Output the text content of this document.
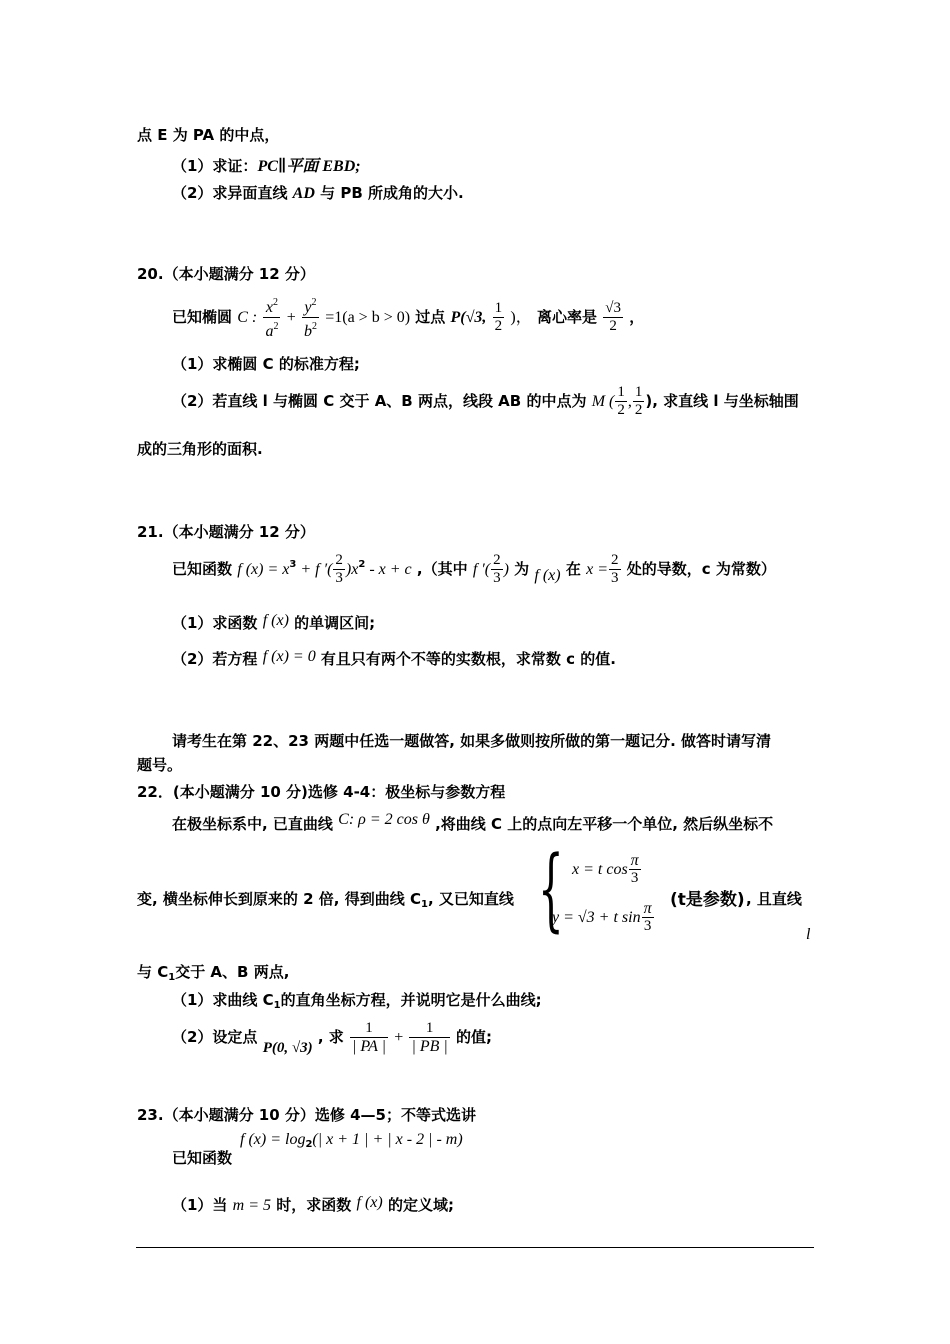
点 E 为 PA 的中点，
（1）求证：PC∥平面 EBD;
（2）求异面直线 AD 与 PB 所成角的大小.
20.（本小题满分 12 分）
已知椭圆 C : $\frac{x^2}{a^2} + \frac{y^2}{b^2} =1(a > b > 0)$ 过点 P(√3, $\frac{1}{2}$ )， 离心率是 $\frac{√3}{2}$ ，
（1）求椭圆 C 的标准方程;
（2）若直线 l 与椭圆 C 交于 A、B 两点，线段 AB 的中点为 M ( $\frac{1}{2}$ , $\frac{1}{2}$ ), 求直线 l 与坐标轴围
成的三角形的面积.
21.（本小题满分 12 分）
已知函数 f $(x) = x^3 + f$ ′( $\frac{2}{3} )x^2 - x + c$ ,（其中 f ′( $\frac{2}{3}$ ) 为 f (x) 在 $x = \frac{2}{3}$ 处的导数，c 为常数）
（1）求函数 f (x) 的单调区间;
（2）若方程 f (x) = 0 有且只有两个不等的实数根，求常数 c 的值.
请考生在第 22、23 两题中任选一题做答, 如果多做则按所做的第一题记分. 做答时请写清
题号。
22．(本小题满分 10 分)选修 4-4：极坐标与参数方程
在极坐标系中, 已直曲线 C: ρ = 2 cos θ ,将曲线 C 上的点向左平移一个单位, 然后纵坐标不
变, 横坐标伸长到原来的 2 倍, 得到曲线 $C_1$, 又已知直线 { x = t $\cos \frac{\pi}{3}$
y = √3 + t $\sin \frac{\pi}{3} (t$是参数) , 且直线
l
与 $C_1$交于 A、B 两点,
（1）求曲线 $C_1$的直角坐标方程，并说明它是什么曲线;
（2）设定点 P(0, √3) , 求 $\frac{1}{| PA |} + \frac{1}{| PB |}$ 的值;
23.（本小题满分 10 分）选修 4—5；不等式选讲
f $(x) = \log_2(|$ x + 1 | + | x - 2 | - m)
已知函数
（1）当 m = 5 时，求函数 f (x) 的定义域;
